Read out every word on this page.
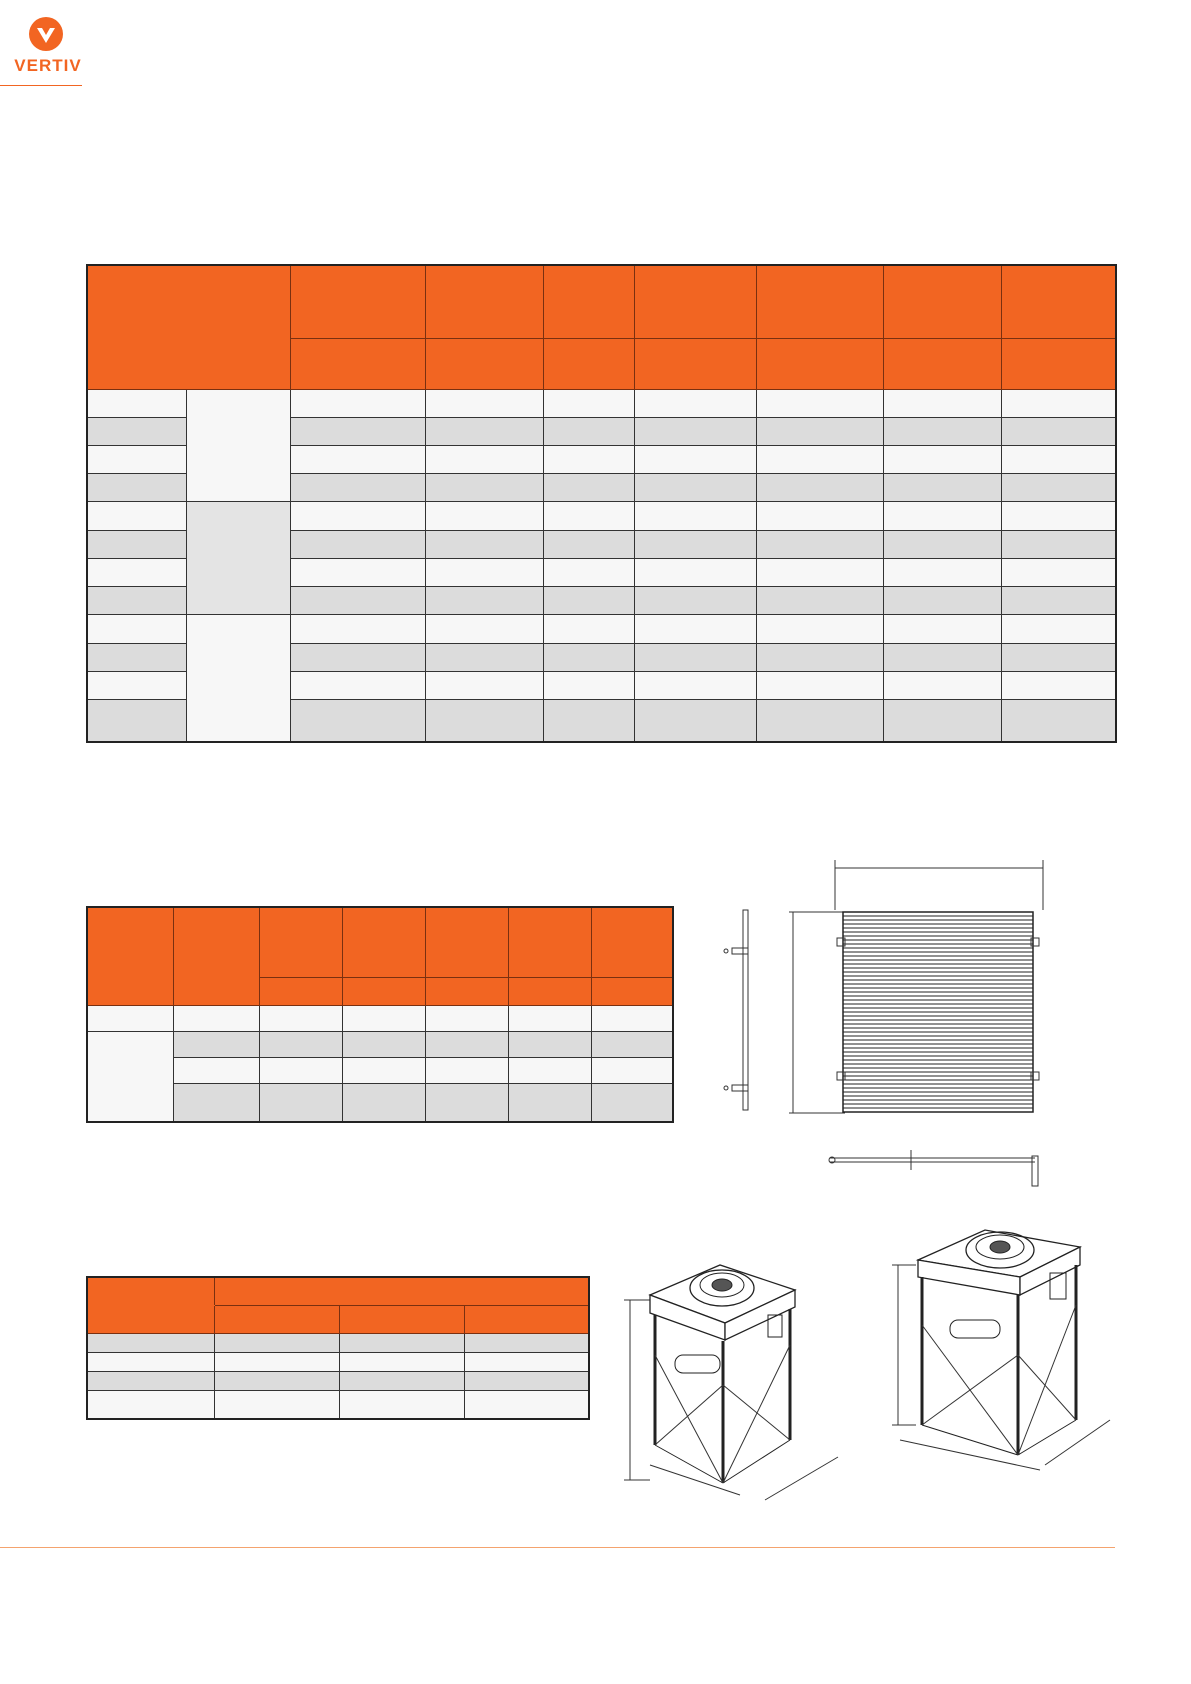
VERTIV
